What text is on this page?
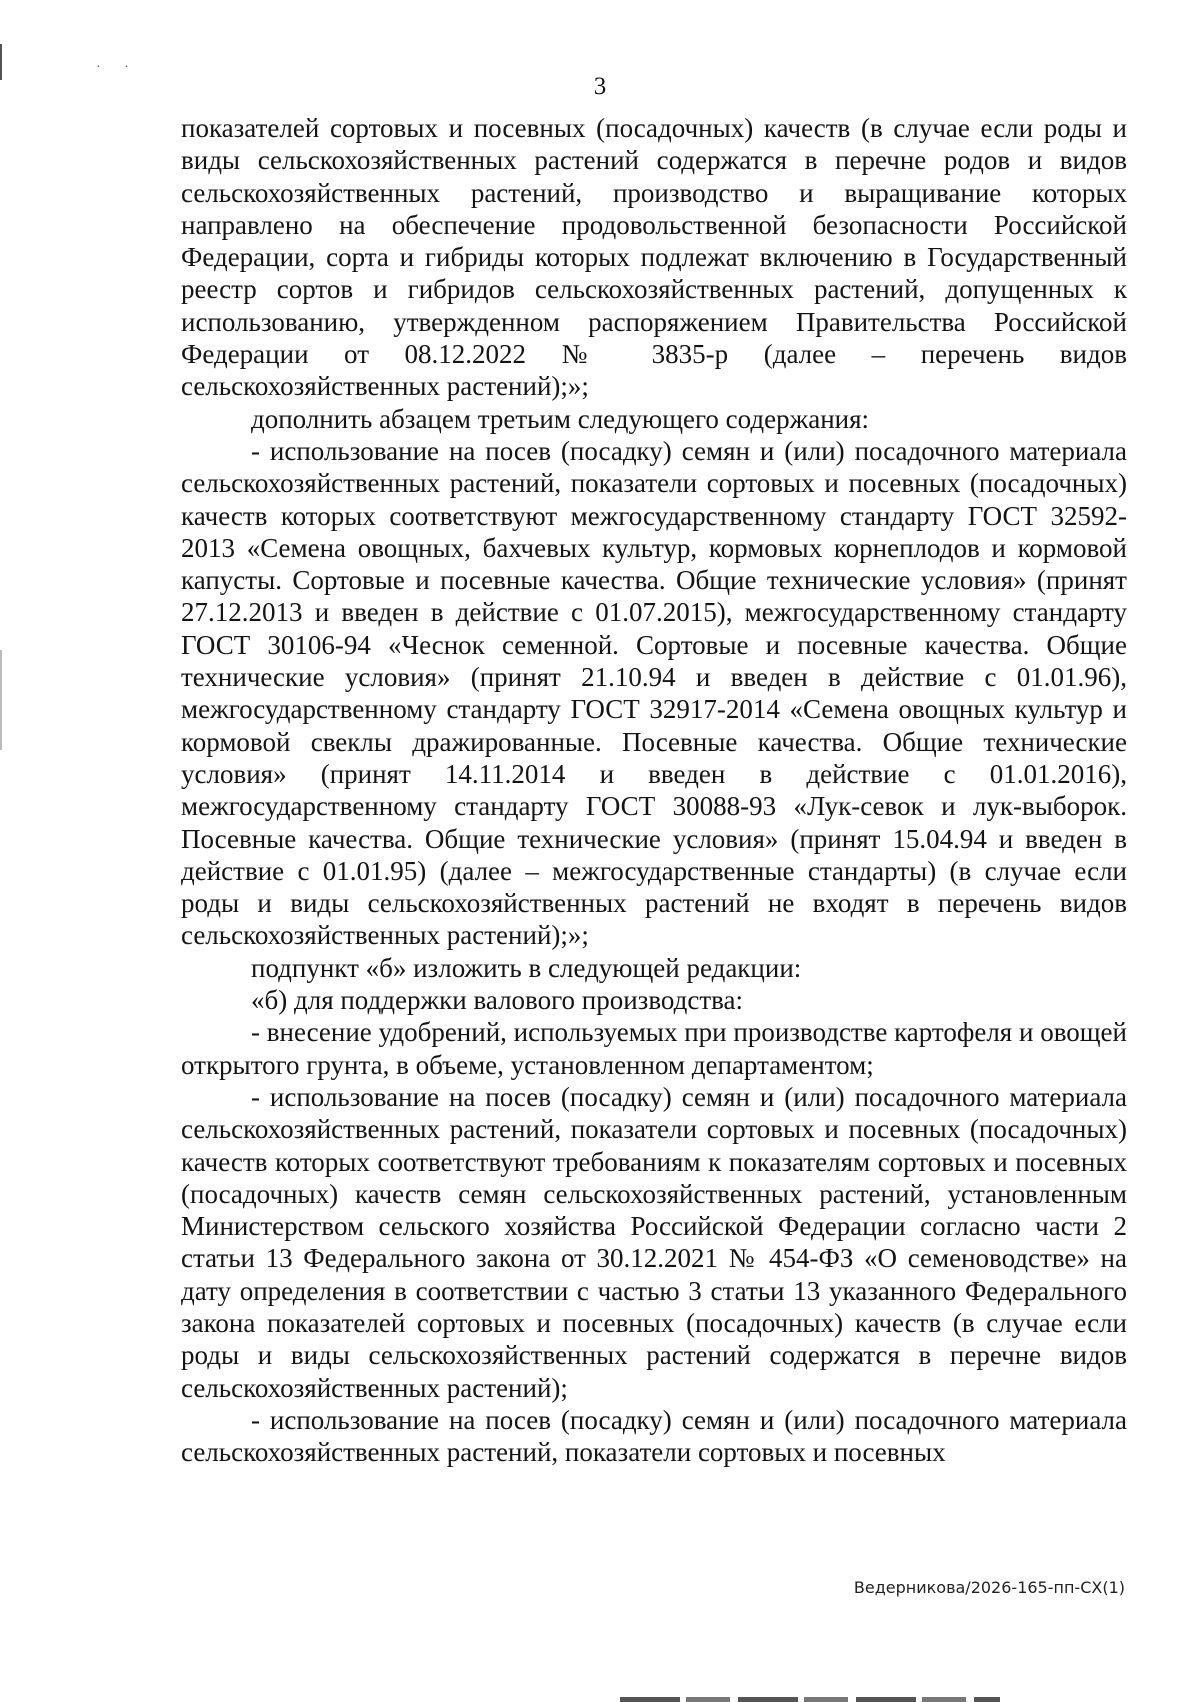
· ·
3

показателей сортовых и посевных (посадочных) качеств (в случае если роды и виды сельскохозяйственных растений содержатся в перечне родов и видов сельскохозяйственных растений, производство и выращивание которых направлено на обеспечение продовольственной безопасности Российской Федерации, сорта и гибриды которых подлежат включению в Государственный реестр сортов и гибридов сельскохозяйственных растений, допущенных к использованию, утвержденном распоряжением Правительства Российской Федерации от 08.12.2022 № 3835-р (далее – перечень видов сельскохозяйственных растений);»;

дополнить абзацем третьим следующего содержания:

- использование на посев (посадку) семян и (или) посадочного материала сельскохозяйственных растений, показатели сортовых и посевных (посадочных) качеств которых соответствуют межгосударственному стандарту ГОСТ 32592-2013 «Семена овощных, бахчевых культур, кормовых корнеплодов и кормовой капусты. Сортовые и посевные качества. Общие технические условия» (принят 27.12.2013 и введен в действие с 01.07.2015), межгосударственному стандарту ГОСТ 30106-94 «Чеснок семенной. Сортовые и посевные качества. Общие технические условия» (принят 21.10.94 и введен в действие с 01.01.96), межгосударственному стандарту ГОСТ 32917-2014 «Семена овощных культур и кормовой свеклы дражированные. Посевные качества. Общие технические условия» (принят 14.11.2014 и введен в действие с 01.01.2016), межгосударственному стандарту ГОСТ 30088-93 «Лук-севок и лук-выборок. Посевные качества. Общие технические условия» (принят 15.04.94 и введен в действие с 01.01.95) (далее – межгосударственные стандарты) (в случае если роды и виды сельскохозяйственных растений не входят в перечень видов сельскохозяйственных растений);»;

подпункт «б» изложить в следующей редакции:

«б) для поддержки валового производства:

- внесение удобрений, используемых при производстве картофеля и овощей открытого грунта, в объеме, установленном департаментом;

- использование на посев (посадку) семян и (или) посадочного материала сельскохозяйственных растений, показатели сортовых и посевных (посадочных) качеств которых соответствуют требованиям к показателям сортовых и посевных (посадочных) качеств семян сельскохозяйственных растений, установленным Министерством сельского хозяйства Российской Федерации согласно части 2 статьи 13 Федерального закона от 30.12.2021 № 454-ФЗ «О семеноводстве» на дату определения в соответствии с частью 3 статьи 13 указанного Федерального закона показателей сортовых и посевных (посадочных) качеств (в случае если роды и виды сельскохозяйственных растений содержатся в перечне видов сельскохозяйственных растений);

- использование на посев (посадку) семян и (или) посадочного материала сельскохозяйственных растений, показатели сортовых и посевных

Ведерникова/2026-165-пп-СХ(1)
